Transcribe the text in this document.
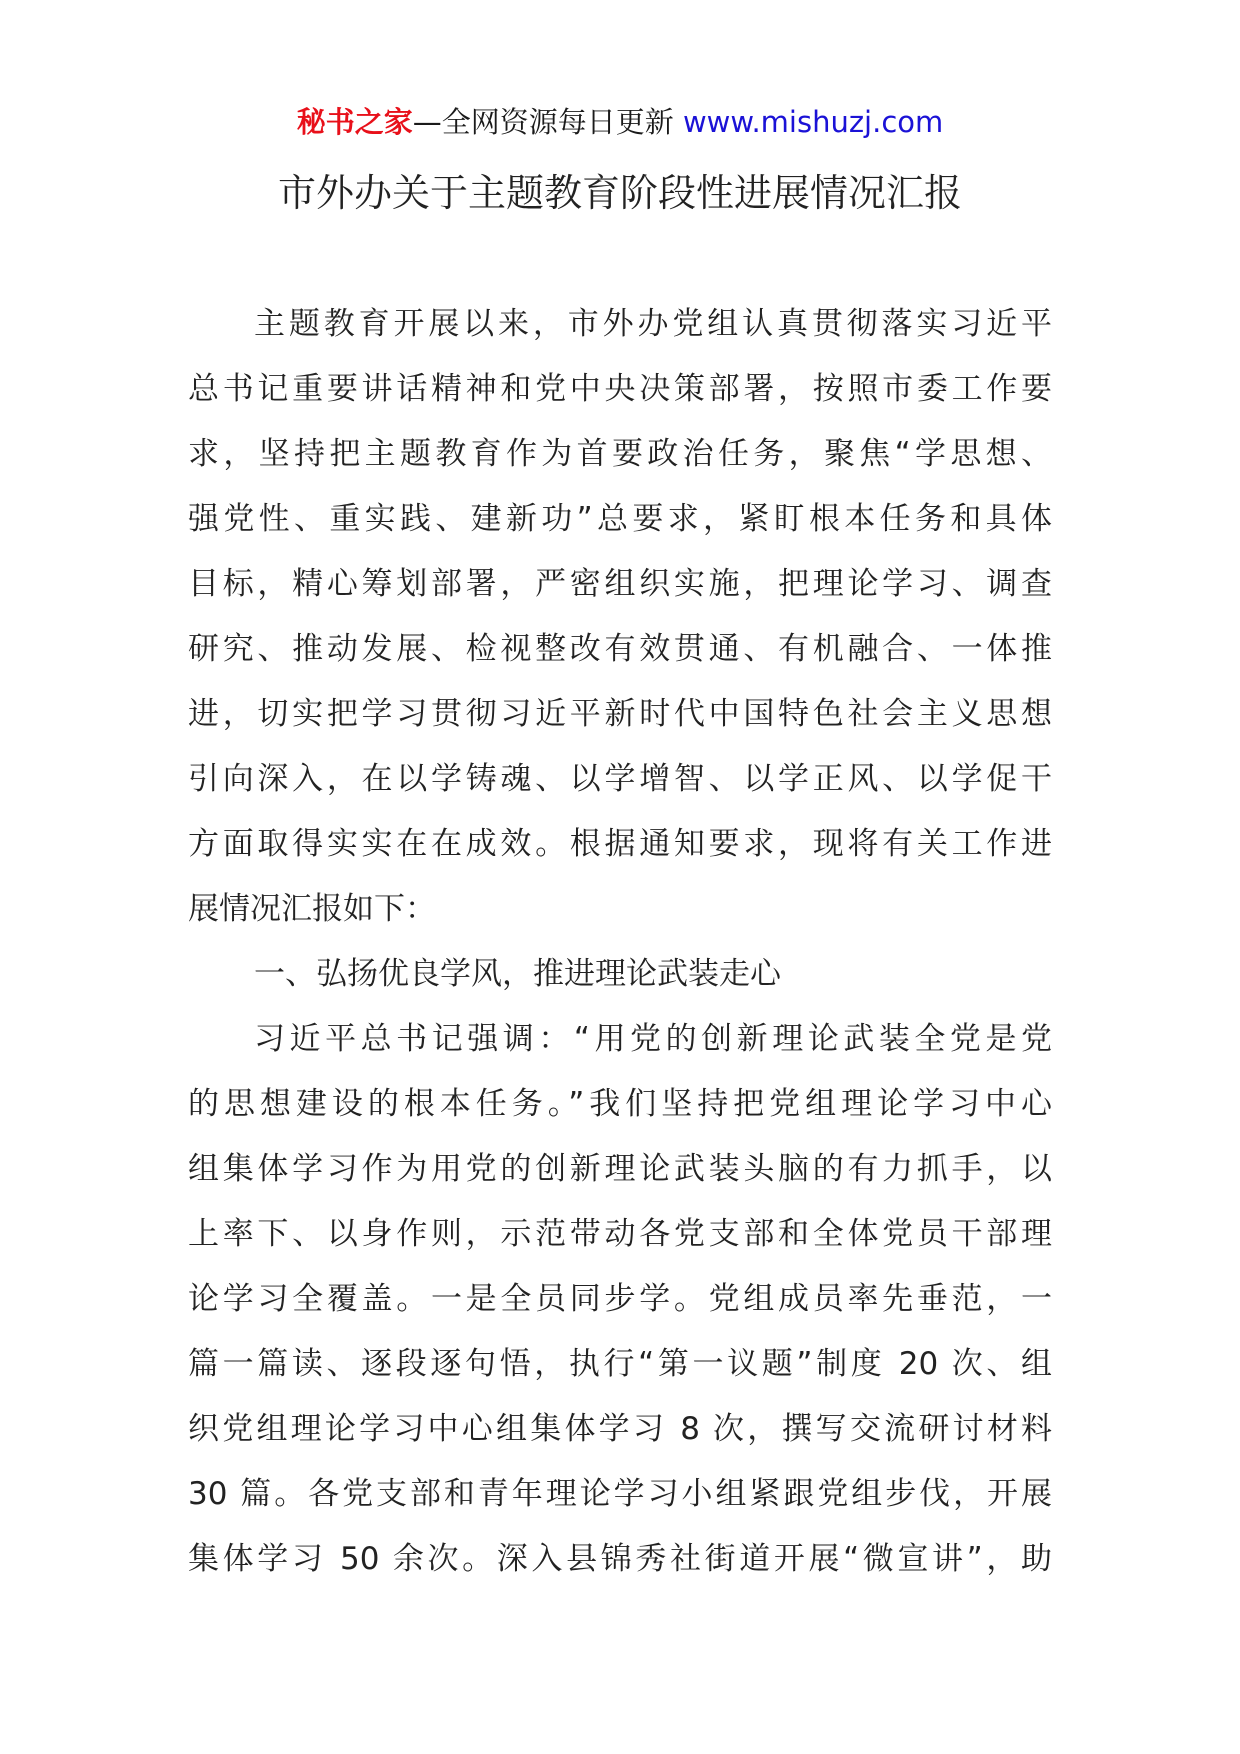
秘书之家—全网资源每日更新 www.mishuzj.com
市外办关于主题教育阶段性进展情况汇报
主题教育开展以来，市外办党组认真贯彻落实习近平
总书记重要讲话精神和党中央决策部署，按照市委工作要
求，坚持把主题教育作为首要政治任务，聚焦“学思想、
强党性、重实践、建新功”总要求，紧盯根本任务和具体
目标，精心筹划部署，严密组织实施，把理论学习、调查
研究、推动发展、检视整改有效贯通、有机融合、一体推
进，切实把学习贯彻习近平新时代中国特色社会主义思想
引向深入，在以学铸魂、以学增智、以学正风、以学促干
方面取得实实在在成效。根据通知要求，现将有关工作进
展情况汇报如下：
一、弘扬优良学风，推进理论武装走心
习近平总书记强调：“用党的创新理论武装全党是党
的思想建设的根本任务。”我们坚持把党组理论学习中心
组集体学习作为用党的创新理论武装头脑的有力抓手，以
上率下、以身作则，示范带动各党支部和全体党员干部理
论学习全覆盖。一是全员同步学。党组成员率先垂范，一
篇一篇读、逐段逐句悟，执行“第一议题”制度 20 次、组
织党组理论学习中心组集体学习 8 次，撰写交流研讨材料
30 篇。各党支部和青年理论学习小组紧跟党组步伐，开展
集体学习 50 余次。深入县锦秀社街道开展“微宣讲”，助
